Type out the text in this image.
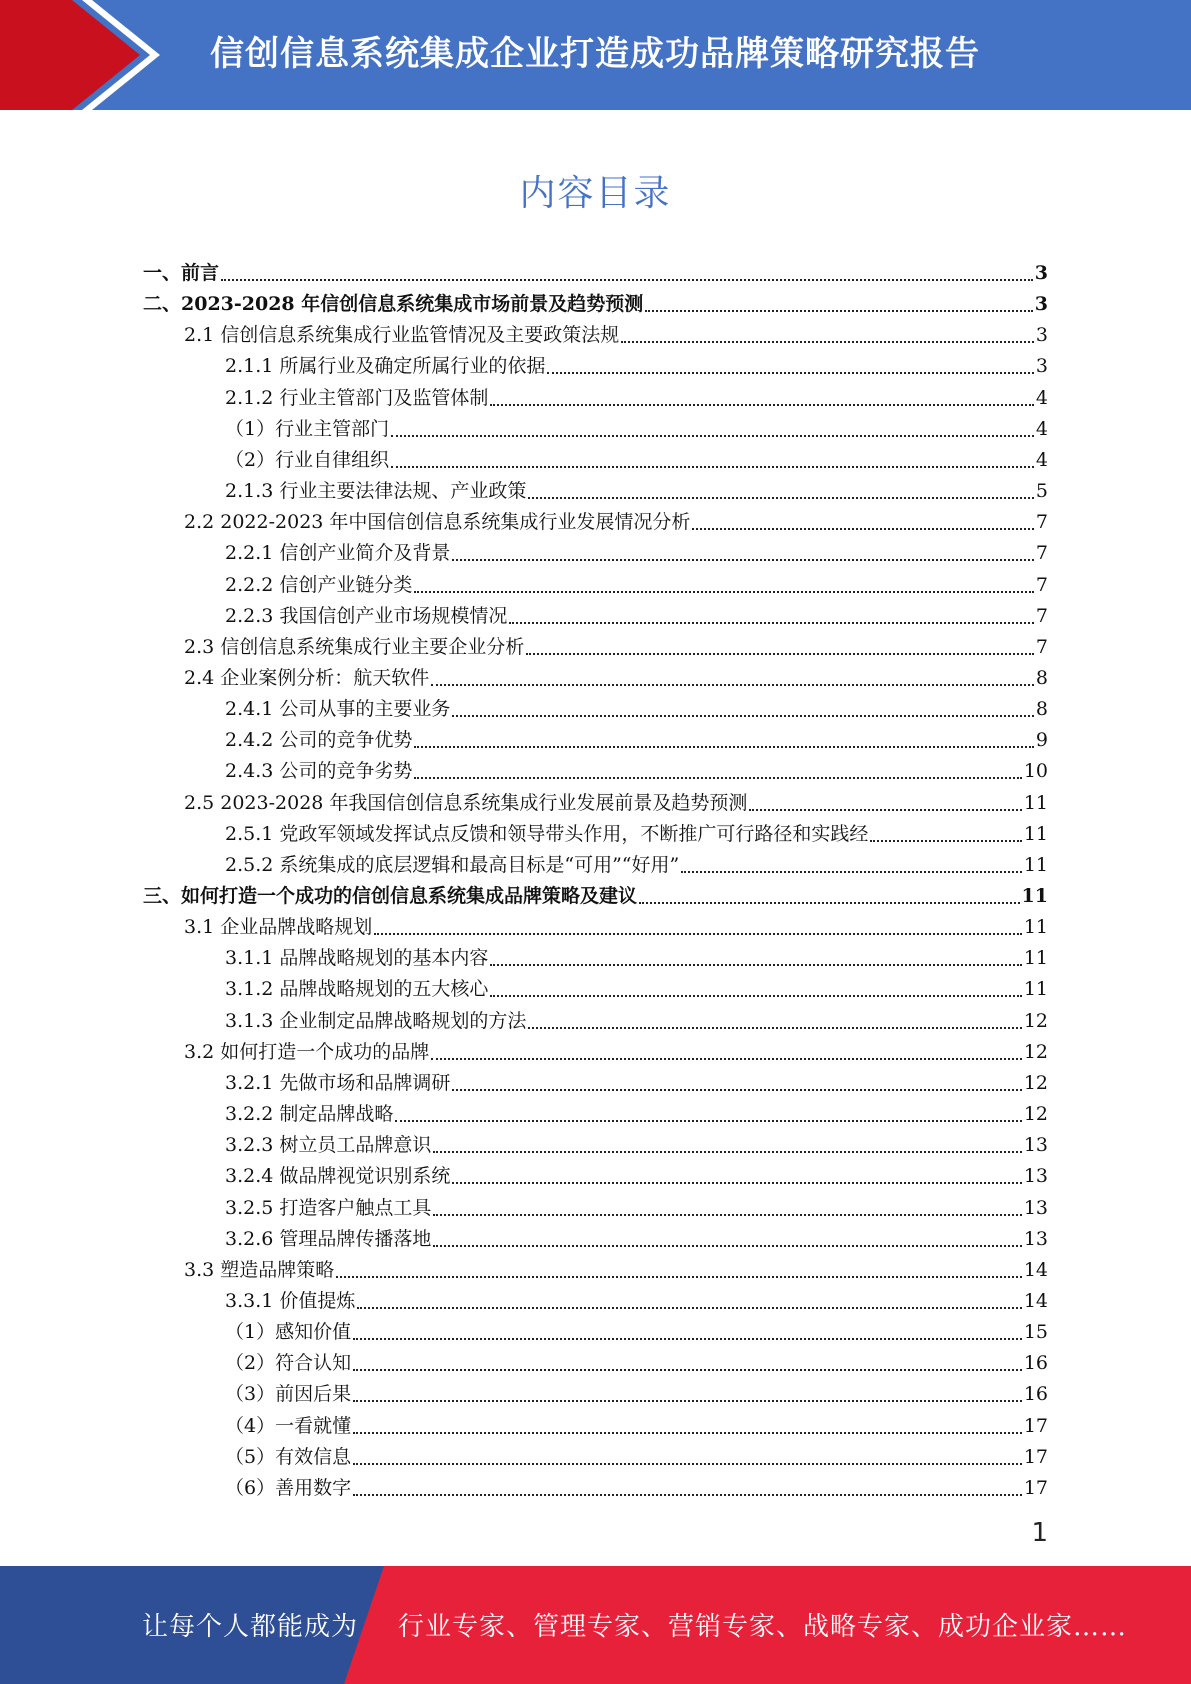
信创信息系统集成企业打造成功品牌策略研究报告
内容目录
一、前言	3
二、2023-2028 年信创信息系统集成市场前景及趋势预测	3
2.1 信创信息系统集成行业监管情况及主要政策法规	3
2.1.1 所属行业及确定所属行业的依据	3
2.1.2 行业主管部门及监管体制	4
（1）行业主管部门	4
（2）行业自律组织	4
2.1.3 行业主要法律法规、产业政策	5
2.2 2022-2023 年中国信创信息系统集成行业发展情况分析	7
2.2.1 信创产业简介及背景	7
2.2.2 信创产业链分类	7
2.2.3 我国信创产业市场规模情况	7
2.3 信创信息系统集成行业主要企业分析	7
2.4 企业案例分析：航天软件	8
2.4.1 公司从事的主要业务	8
2.4.2 公司的竞争优势	9
2.4.3 公司的竞争劣势	10
2.5 2023-2028 年我国信创信息系统集成行业发展前景及趋势预测	11
2.5.1 党政军领域发挥试点反馈和领导带头作用，不断推广可行路径和实践经	11
2.5.2 系统集成的底层逻辑和最高目标是“可用”“好用”	11
三、如何打造一个成功的信创信息系统集成品牌策略及建议	11
3.1 企业品牌战略规划	11
3.1.1 品牌战略规划的基本内容	11
3.1.2 品牌战略规划的五大核心	11
3.1.3 企业制定品牌战略规划的方法	12
3.2 如何打造一个成功的品牌	12
3.2.1 先做市场和品牌调研	12
3.2.2 制定品牌战略	12
3.2.3 树立员工品牌意识	13
3.2.4 做品牌视觉识别系统	13
3.2.5 打造客户触点工具	13
3.2.6 管理品牌传播落地	13
3.3 塑造品牌策略	14
3.3.1 价值提炼	14
（1）感知价值	15
（2）符合认知	16
（3）前因后果	16
（4）一看就懂	17
（5）有效信息	17
（6）善用数字	17
1
让每个人都能成为 行业专家、管理专家、营销专家、战略专家、成功企业家……
